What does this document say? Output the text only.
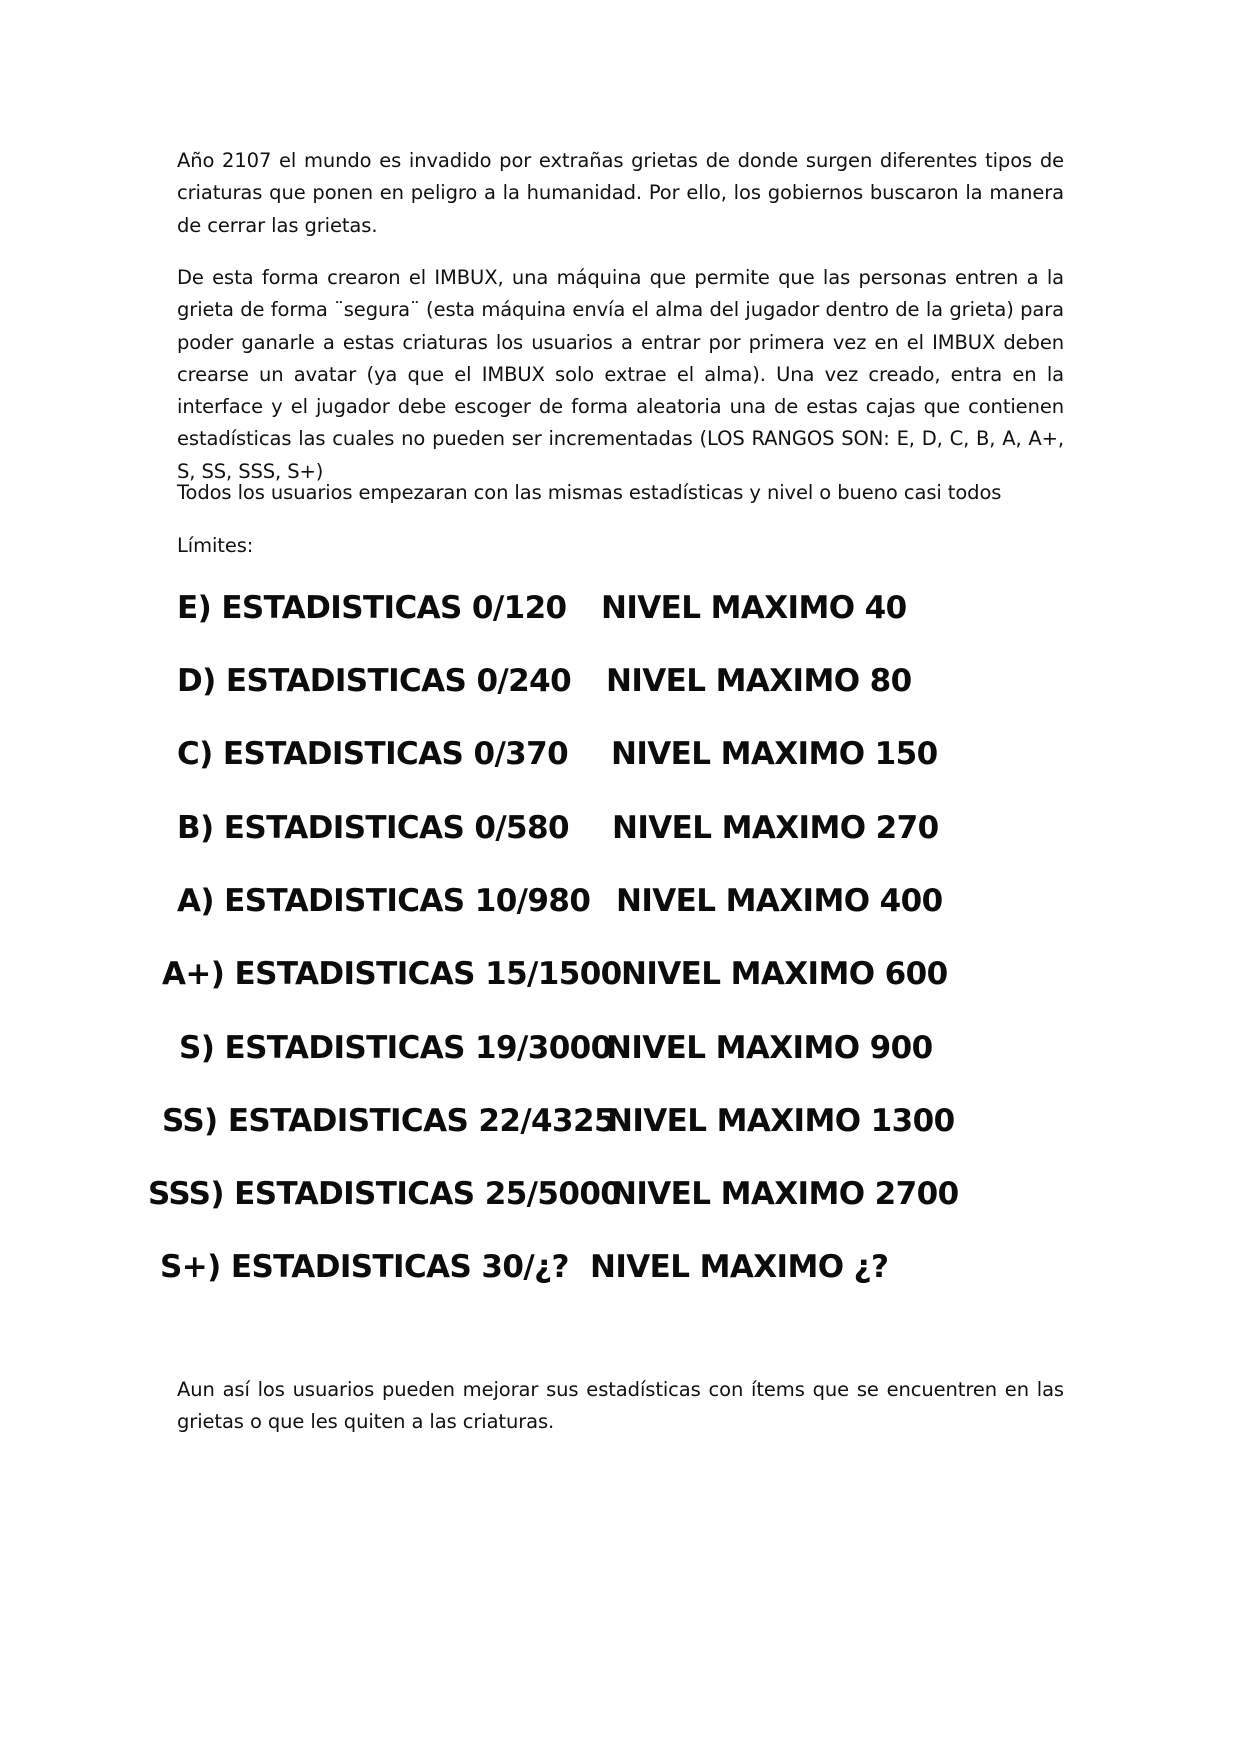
Año 2107 el mundo es invadido por extrañas grietas de donde surgen diferentes tipos de criaturas que ponen en peligro a la humanidad. Por ello, los gobiernos buscaron la manera de cerrar las grietas.

De esta forma crearon el IMBUX, una máquina que permite que las personas entren a la grieta de forma ¨segura¨ (esta máquina envía el alma del jugador dentro de la grieta) para poder ganarle a estas criaturas los usuarios a entrar por primera vez en el IMBUX deben crearse un avatar (ya que el IMBUX solo extrae el alma). Una vez creado, entra en la interface y el jugador debe escoger de forma aleatoria una de estas cajas que contienen estadísticas las cuales no pueden ser incrementadas (LOS RANGOS SON: E, D, C, B, A, A+, S, SS, SSS, S+)

Todos los usuarios empezaran con las mismas estadísticas y nivel o bueno casi todos

Límites:

E) ESTADISTICAS 0/120 NIVEL MAXIMO 40
D) ESTADISTICAS 0/240 NIVEL MAXIMO 80
C) ESTADISTICAS 0/370 NIVEL MAXIMO 150
B) ESTADISTICAS 0/580 NIVEL MAXIMO 270
A) ESTADISTICAS 10/980 NIVEL MAXIMO 400
A+) ESTADISTICAS 15/1500 NIVEL MAXIMO 600
S) ESTADISTICAS 19/3000
NIVEL MAXIMO 900
SS) ESTADISTICAS 22/4325
NIVEL MAXIMO 1300
SSS) ESTADISTICAS 25/5000
NIVEL MAXIMO 2700
S+) ESTADISTICAS 30/¿? NIVEL MAXIMO ¿?

Aun así los usuarios pueden mejorar sus estadísticas con ítems que se encuentren en las grietas o que les quiten a las criaturas.
